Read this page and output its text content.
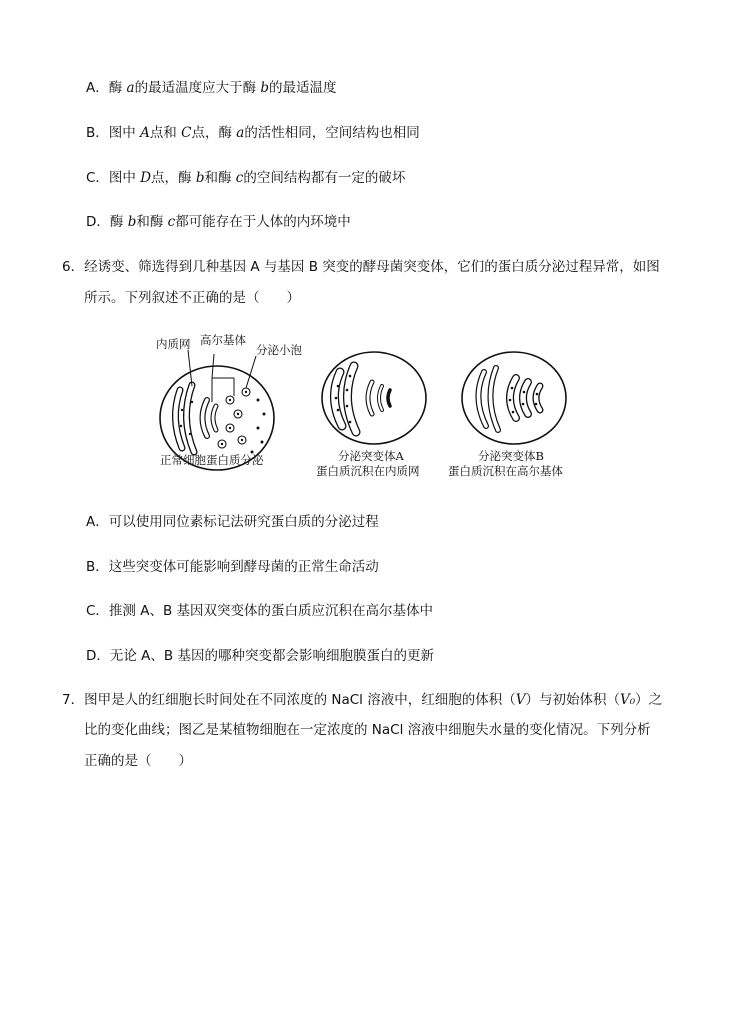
A．酶 a的最适温度应大于酶 b的最适温度
B．图中 A点和 C点，酶 a的活性相同，空间结构也相同
C．图中 D点，酶 b和酶 c的空间结构都有一定的破坏
D．酶 b和酶 c都可能存在于人体的内环境中
6．经诱变、筛选得到几种基因 A 与基因 B 突变的酵母菌突变体，它们的蛋白质分泌过程异常，如图
所示。下列叙述不正确的是（　　）
内质网 高尔基体
分泌小泡
分泌突变体A
蛋白质沉积在内质网
分泌突变体B
蛋白质沉积在高尔基体
正常细胞蛋白质分泌
A．可以使用同位素标记法研究蛋白质的分泌过程
B．这些突变体可能影响到酵母菌的正常生命活动
C．推测 A、B 基因双突变体的蛋白质应沉积在高尔基体中
D．无论 A、B 基因的哪种突变都会影响细胞膜蛋白的更新
7．图甲是人的红细胞长时间处在不同浓度的 NaCl 溶液中，红细胞的体积（V）与初始体积（V₀）之
比的变化曲线；图乙是某植物细胞在一定浓度的 NaCl 溶液中细胞失水量的变化情况。下列分析
正确的是（　　）
